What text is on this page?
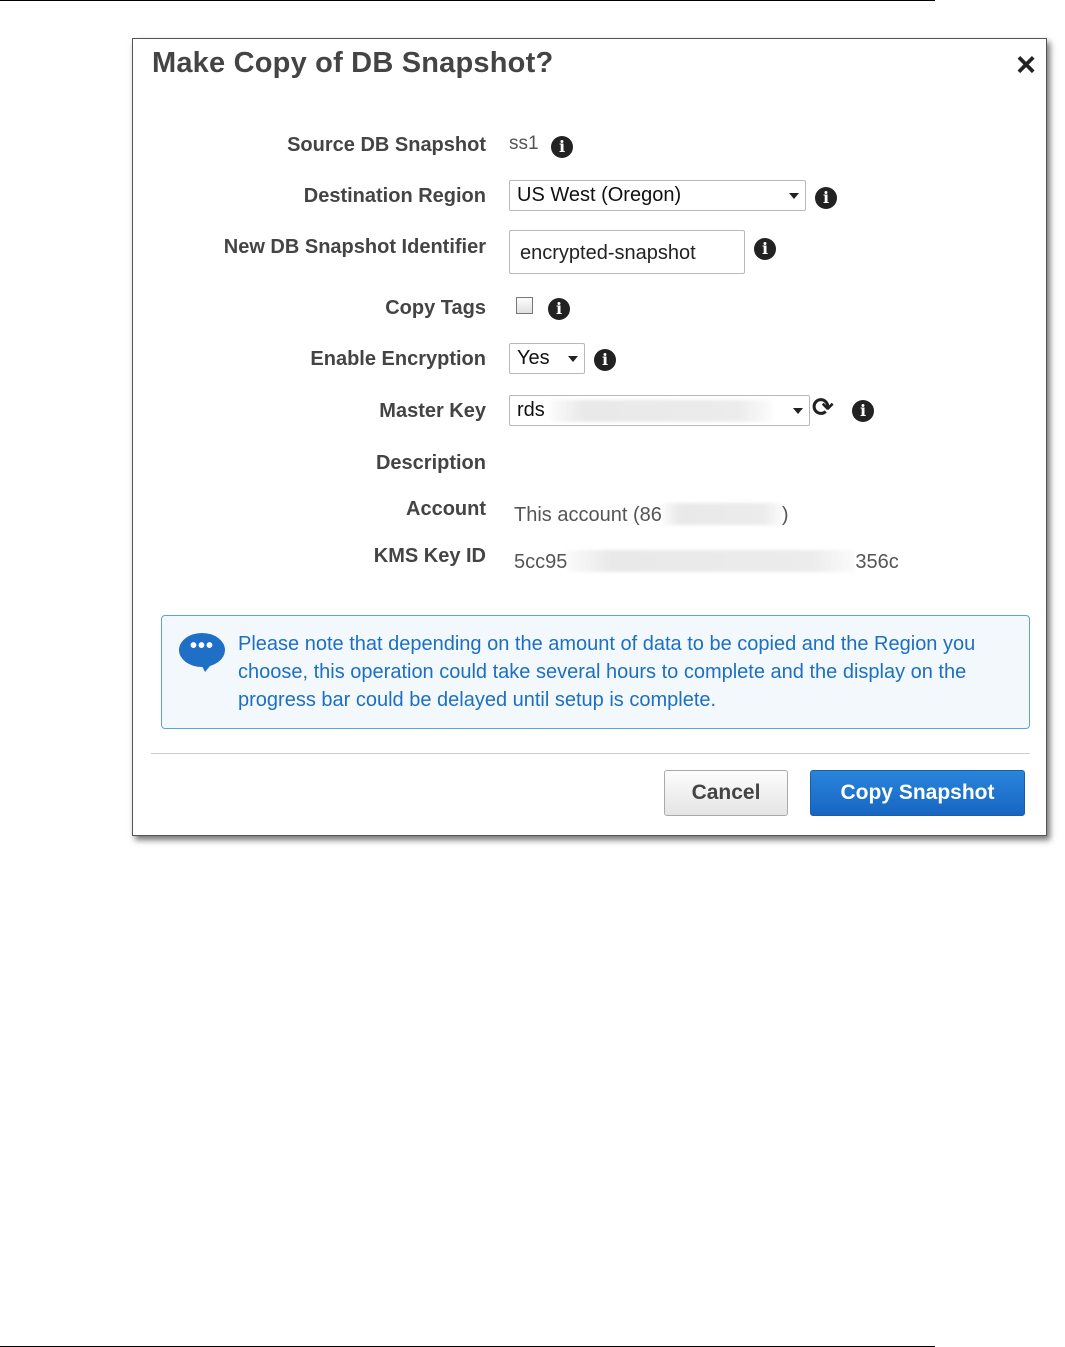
Make Copy of DB Snapshot?	×
Source DB Snapshot ss1	i
Destination Region	US West (Oregon)	i
New DB Snapshot Identifier	encrypted-snapshot	i
Copy Tags	i
Enable Encryption	Yes	i
Master Key	rds	⟳	i
Description
Account This account (86	)
KMS Key ID 5cc95	356c
•••	Please note that depending on the amount of data to be copied and the Region you choose, this operation could take several hours to complete and the display on the progress bar could be delayed until setup is complete.
Cancel	Copy Snapshot
